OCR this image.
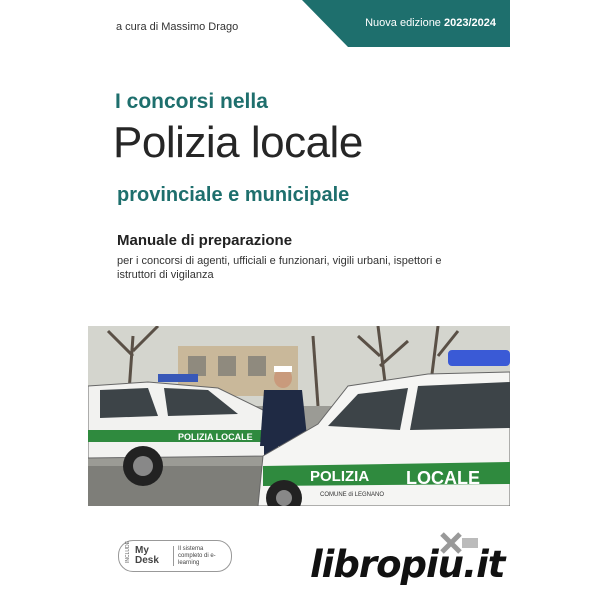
a cura di Massimo Drago	Nuova edizione 2023/2024
I concorsi nella
Polizia locale
provinciale e municipale
Manuale di preparazione
per i concorsi di agenti, ufficiali e funzionari, vigili urbani, ispettori e istruttori di vigilanza
POLIZIA LOCALE
POLIZIA LOCALE
COMUNE di LEGNANO
INCLUDE My
Desk
Il sistema completo di e-learning	libropiu.it
